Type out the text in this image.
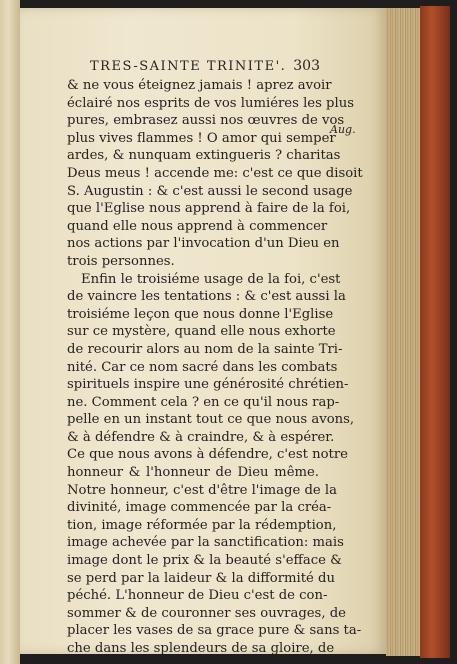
TRES-SAINTE TRINITE'. 303
Aug.
& ne vous éteignez jamais ! aprez avoir
éclairé nos esprits de vos lumiéres les plus
pures, embrasez aussi nos œuvres de vos
plus vives flammes ! O amor qui semper
ardes, & nunquam extingueris ? charitas
Deus meus ! accende me: c'est ce que disoit
S. Augustin : & c'est aussi le second usage
que l'Eglise nous apprend à faire de la foi,
quand elle nous apprend à commencer
nos actions par l'invocation d'un Dieu en
trois personnes.
Enfin le troisiéme usage de la foi, c'est
de vaincre les tentations : & c'est aussi la
troisiéme leçon que nous donne l'Eglise
sur ce mystère, quand elle nous exhorte
de recourir alors au nom de la sainte Tri-
nité. Car ce nom sacré dans les combats
spirituels inspire une générosité chrétien-
ne. Comment cela ? en ce qu'il nous rap-
pelle en un instant tout ce que nous avons,
& à défendre & à craindre, & à espérer.
Ce que nous avons à défendre, c'est notre
honneur & l'honneur de Dieu même.
Notre honneur, c'est d'être l'image de la
divinité, image commencée par la créa-
tion, image réformée par la rédemption,
image achevée par la sanctification: mais
image dont le prix & la beauté s'efface &
se perd par la laideur & la difformité du
péché. L'honneur de Dieu c'est de con-
sommer & de couronner ses ouvrages, de
placer les vases de sa grace pure & sans ta-
che dans les splendeurs de sa gloire, de
